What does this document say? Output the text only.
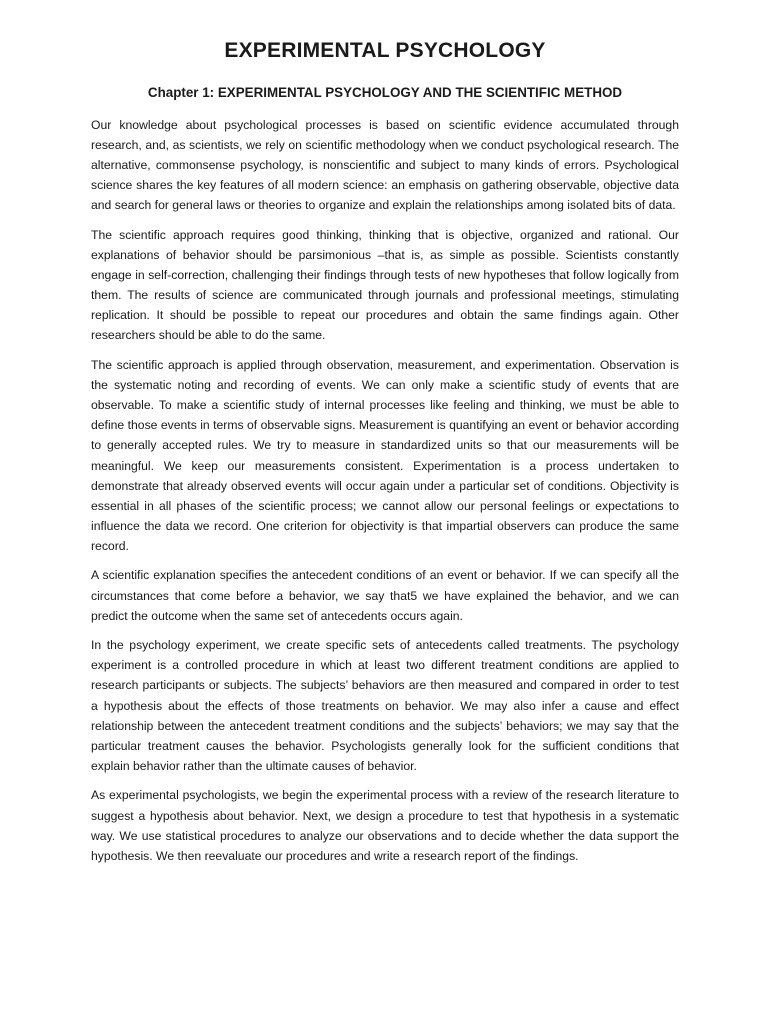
EXPERIMENTAL PSYCHOLOGY
Chapter 1: EXPERIMENTAL PSYCHOLOGY AND THE SCIENTIFIC METHOD

Our knowledge about psychological processes is based on scientific evidence accumulated through research, and, as scientists, we rely on scientific methodology when we conduct psychological research. The alternative, commonsense psychology, is nonscientific and subject to many kinds of errors. Psychological science shares the key features of all modern science: an emphasis on gathering observable, objective data and search for general laws or theories to organize and explain the relationships among isolated bits of data.

The scientific approach requires good thinking, thinking that is objective, organized and rational. Our explanations of behavior should be parsimonious –that is, as simple as possible. Scientists constantly engage in self-correction, challenging their findings through tests of new hypotheses that follow logically from them. The results of science are communicated through journals and professional meetings, stimulating replication. It should be possible to repeat our procedures and obtain the same findings again. Other researchers should be able to do the same.

The scientific approach is applied through observation, measurement, and experimentation. Observation is the systematic noting and recording of events. We can only make a scientific study of events that are observable. To make a scientific study of internal processes like feeling and thinking, we must be able to define those events in terms of observable signs. Measurement is quantifying an event or behavior according to generally accepted rules. We try to measure in standardized units so that our measurements will be meaningful. We keep our measurements consistent. Experimentation is a process undertaken to demonstrate that already observed events will occur again under a particular set of conditions. Objectivity is essential in all phases of the scientific process; we cannot allow our personal feelings or expectations to influence the data we record. One criterion for objectivity is that impartial observers can produce the same record.

A scientific explanation specifies the antecedent conditions of an event or behavior. If we can specify all the circumstances that come before a behavior, we say that5 we have explained the behavior, and we can predict the outcome when the same set of antecedents occurs again.

In the psychology experiment, we create specific sets of antecedents called treatments. The psychology experiment is a controlled procedure in which at least two different treatment conditions are applied to research participants or subjects. The subjects’ behaviors are then measured and compared in order to test a hypothesis about the effects of those treatments on behavior. We may also infer a cause and effect relationship between the antecedent treatment conditions and the subjects’ behaviors; we may say that the particular treatment causes the behavior. Psychologists generally look for the sufficient conditions that explain behavior rather than the ultimate causes of behavior.

As experimental psychologists, we begin the experimental process with a review of the research literature to suggest a hypothesis about behavior. Next, we design a procedure to test that hypothesis in a systematic way. We use statistical procedures to analyze our observations and to decide whether the data support the hypothesis. We then reevaluate our procedures and write a research report of the findings.
